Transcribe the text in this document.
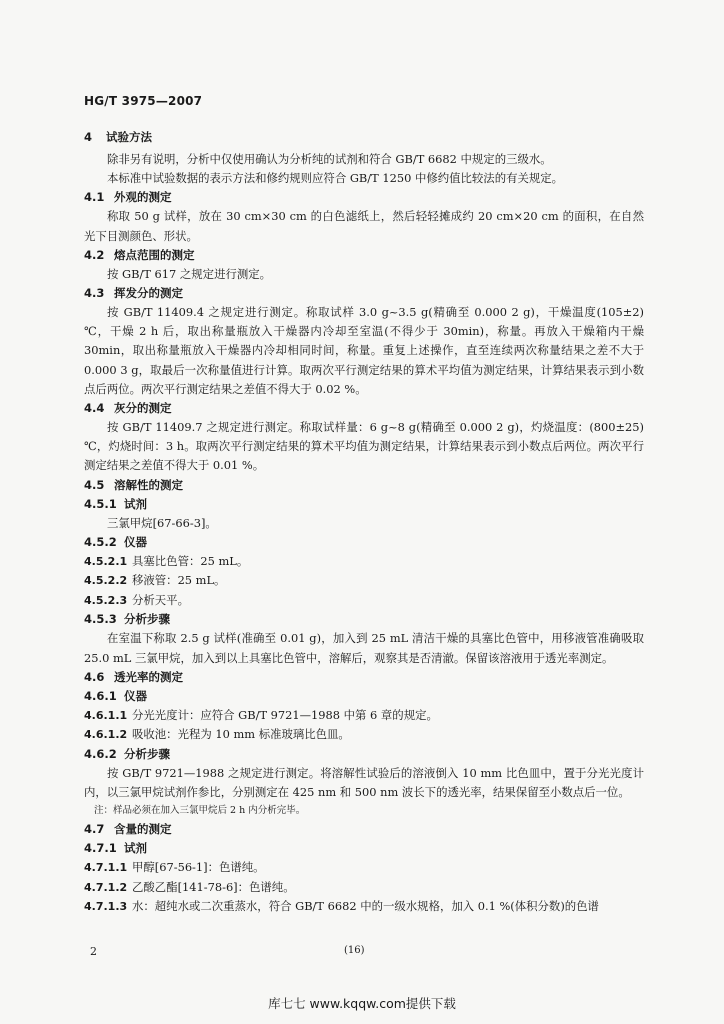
HG/T 3975—2007
4 试验方法
除非另有说明，分析中仅使用确认为分析纯的试剂和符合 GB/T 6682 中规定的三级水。
本标准中试验数据的表示方法和修约规则应符合 GB/T 1250 中修约值比较法的有关规定。
4.1 外观的测定
称取 50 g 试样，放在 30 cm×30 cm 的白色滤纸上，然后轻轻摊成约 20 cm×20 cm 的面积，在自然光下目测颜色、形状。
4.2 熔点范围的测定
按 GB/T 617 之规定进行测定。
4.3 挥发分的测定
按 GB/T 11409.4 之规定进行测定。称取试样 3.0 g~3.5 g(精确至 0.000 2 g)，干燥温度(105±2) ℃，干燥 2 h 后，取出称量瓶放入干燥器内冷却至室温(不得少于 30min)，称量。再放入干燥箱内干燥 30min，取出称量瓶放入干燥器内冷却相同时间，称量。重复上述操作，直至连续两次称量结果之差不大于 0.000 3 g，取最后一次称量值进行计算。取两次平行测定结果的算术平均值为测定结果，计算结果表示到小数点后两位。两次平行测定结果之差值不得大于 0.02 %。
4.4 灰分的测定
按 GB/T 11409.7 之规定进行测定。称取试样量：6 g~8 g(精确至 0.000 2 g)，灼烧温度：(800±25) ℃，灼烧时间：3 h。取两次平行测定结果的算术平均值为测定结果，计算结果表示到小数点后两位。两次平行测定结果之差值不得大于 0.01 %。
4.5 溶解性的测定
4.5.1 试剂
三氯甲烷[67-66-3]。
4.5.2 仪器
4.5.2.1 具塞比色管：25 mL。
4.5.2.2 移液管：25 mL。
4.5.2.3 分析天平。
4.5.3 分析步骤
在室温下称取 2.5 g 试样(准确至 0.01 g)，加入到 25 mL 清洁干燥的具塞比色管中，用移液管准确吸取 25.0 mL 三氯甲烷，加入到以上具塞比色管中，溶解后，观察其是否清澈。保留该溶液用于透光率测定。
4.6 透光率的测定
4.6.1 仪器
4.6.1.1 分光光度计：应符合 GB/T 9721—1988 中第 6 章的规定。
4.6.1.2 吸收池：光程为 10 mm 标准玻璃比色皿。
4.6.2 分析步骤
按 GB/T 9721—1988 之规定进行测定。将溶解性试验后的溶液倒入 10 mm 比色皿中，置于分光光度计内，以三氯甲烷试剂作参比，分别测定在 425 nm 和 500 nm 波长下的透光率，结果保留至小数点后一位。
注：样品必须在加入三氯甲烷后 2 h 内分析完毕。
4.7 含量的测定
4.7.1 试剂
4.7.1.1 甲醇[67-56-1]：色谱纯。
4.7.1.2 乙酸乙酯[141-78-6]：色谱纯。
4.7.1.3 水：超纯水或二次重蒸水，符合 GB/T 6682 中的一级水规格，加入 0.1 %(体积分数)的色谱
2	(16)
库七七 www.kqqw.com提供下载
